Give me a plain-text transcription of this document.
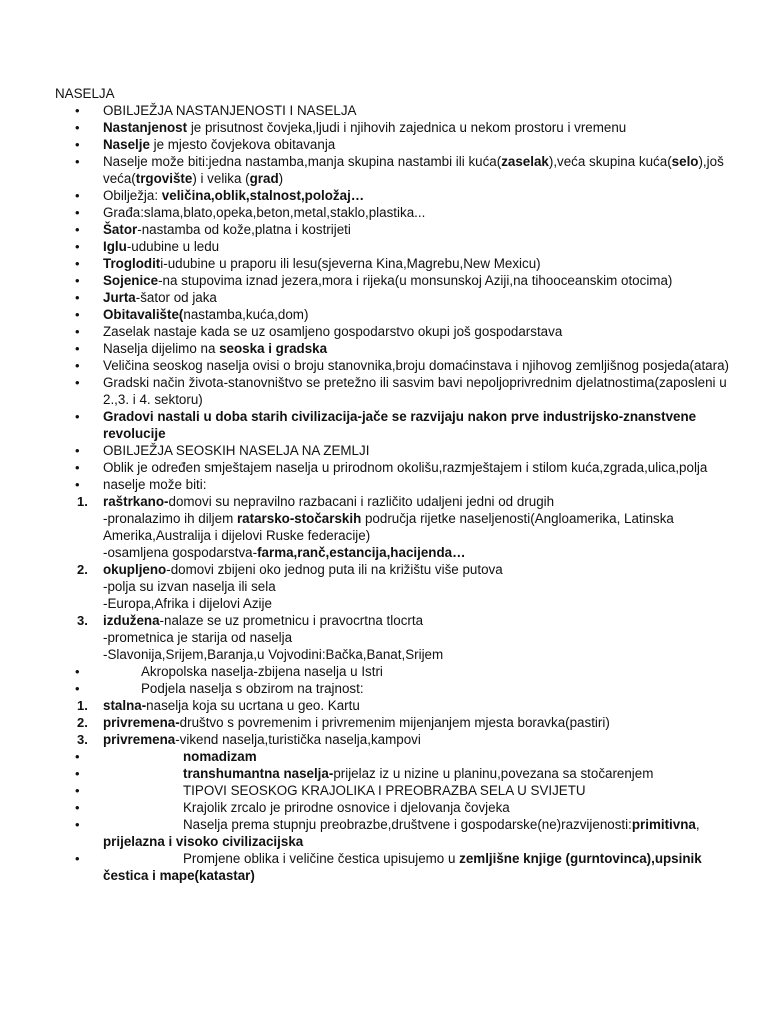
NASELJA
•	OBILJEŽJA NASTANJENOSTI I NASELJA
•	Nastanjenost je prisutnost čovjeka,ljudi i njihovih zajednica u nekom prostoru i vremenu
•	Naselje je mjesto čovjekova obitavanja
•	Naselje može biti:jedna nastamba,manja skupina nastambi ili kuća(zaselak),veća skupina kuća(selo),još veća(trgovište) i velika (grad)
•	Obilježja: veličina,oblik,stalnost,položaj…
•	Građa:slama,blato,opeka,beton,metal,staklo,plastika...
•	Šator-nastamba od kože,platna i kostrijeti
•	Iglu-udubine u ledu
•	Trogloditi-udubine u praporu ili lesu(sjeverna Kina,Magrebu,New Mexicu)
•	Sojenice-na stupovima iznad jezera,mora i rijeka(u monsunskoj Aziji,na tihooceanskim otocima)
•	Jurta-šator od jaka
•	Obitavalište(nastamba,kuća,dom)
•	Zaselak nastaje kada se uz osamljeno gospodarstvo okupi još gospodarstava
•	Naselja dijelimo na seoska i gradska
•	Veličina seoskog naselja ovisi o broju stanovnika,broju domaćinstava i njihovog zemljišnog posjeda(atara)
•	Gradski način života-stanovništvo se pretežno ili sasvim bavi nepoljoprivrednim djelatnostima(zaposleni u 2.,3. i 4. sektoru)
•	Gradovi nastali u doba starih civilizacija-jače se razvijaju nakon prve industrijsko-znanstvene revolucije
•	OBILJEŽJA SEOSKIH NASELJA NA ZEMLJI
•	Oblik je određen smještajem naselja u prirodnom okolišu,razmještajem i stilom kuća,zgrada,ulica,polja
•	naselje može biti:
1.	raštrkano-domovi su nepravilno razbacani i različito udaljeni jedni od drugih
-pronalazimo ih diljem ratarsko-stočarskih područja rijetke naseljenosti(Angloamerika, Latinska Amerika,Australija i dijelovi Ruske federacije)
-osamljena gospodarstva-farma,ranč,estancija,hacijenda…
2.	okupljeno-domovi zbijeni oko jednog puta ili na križištu više putova
-polja su izvan naselja ili sela
-Europa,Afrika i dijelovi Azije
3.	izdužena-nalaze se uz prometnicu i pravocrtna tlocrta
-prometnica je starija od naselja
-Slavonija,Srijem,Baranja,u Vojvodini:Bačka,Banat,Srijem
•	Akropolska naselja-zbijena naselja u Istri
•	Podjela naselja s obzirom na trajnost:
1.	stalna-naselja koja su ucrtana u geo. Kartu
2.	privremena-društvo s povremenim i privremenim mijenjanjem mjesta boravka(pastiri)
3.	privremena-vikend naselja,turistička naselja,kampovi
•	nomadizam
•	transhumantna naselja-prijelaz iz u nizine u planinu,povezana sa stočarenjem
•	TIPOVI SEOSKOG KRAJOLIKA I PREOBRAZBA SELA U SVIJETU
•	Krajolik zrcalo je prirodne osnovice i djelovanja čovjeka
•	Naselja prema stupnju preobrazbe,društvene i gospodarske(ne)razvijenosti:primitivna, prijelazna i visoko civilizacijska
•	Promjene oblika i veličine čestica upisujemo u zemljišne knjige (gurntovinca),upsinik čestica i mape(katastar)
